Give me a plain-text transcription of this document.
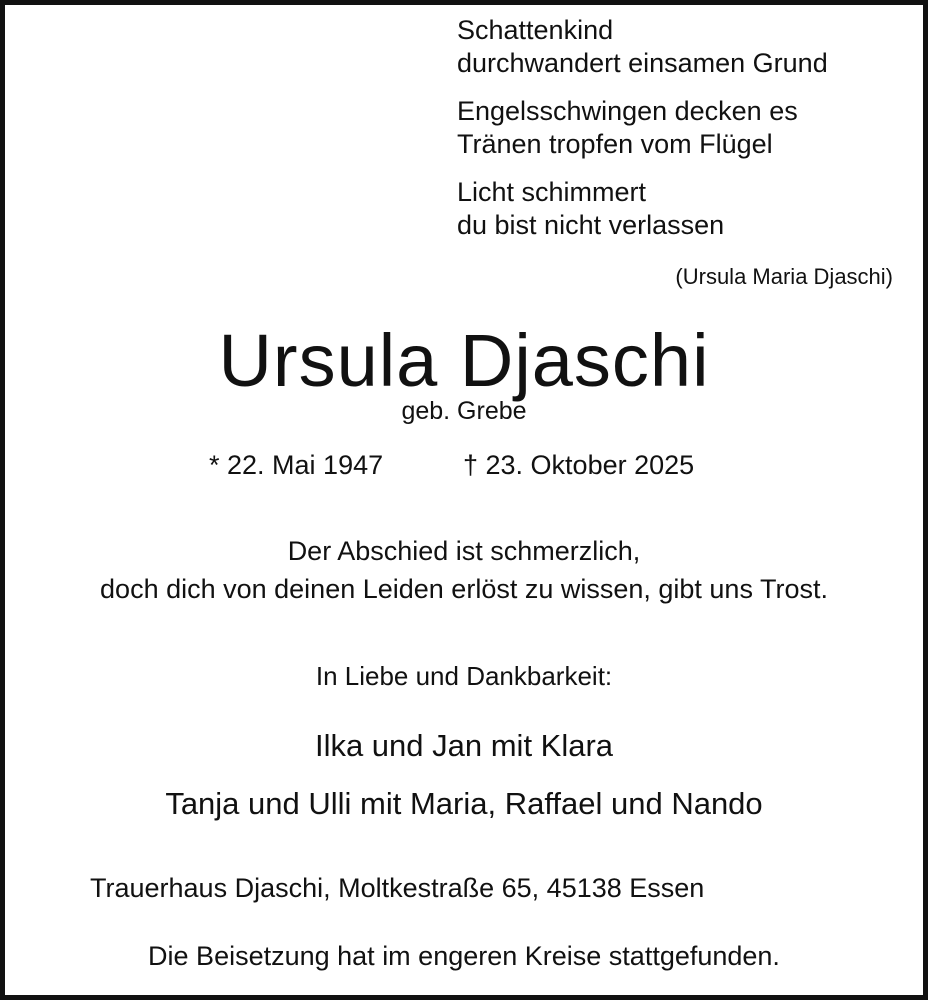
Schattenkind
durchwandert einsamen Grund

Engelsschwingen decken es
Tränen tropfen vom Flügel

Licht schimmert
du bist nicht verlassen

(Ursula Maria Djaschi)
Ursula Djaschi
geb. Grebe
* 22. Mai 1947	† 23. Oktober 2025
Der Abschied ist schmerzlich,
doch dich von deinen Leiden erlöst zu wissen, gibt uns Trost.
In Liebe und Dankbarkeit:
Ilka und Jan mit Klara
Tanja und Ulli mit Maria, Raffael und Nando
Trauerhaus Djaschi, Moltkestraße 65, 45138 Essen
Die Beisetzung hat im engeren Kreise stattgefunden.
